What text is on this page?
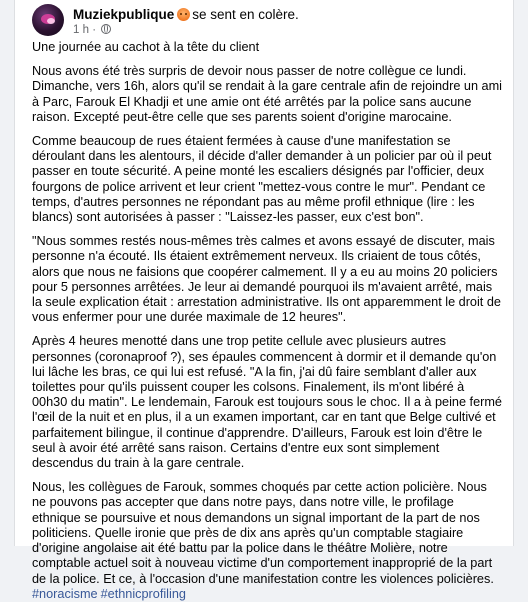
Muziekpublique se sent en colère.
1 h ·

Une journée au cachot à la tête du client

Nous avons été très surpris de devoir nous passer de notre collègue ce lundi. Dimanche, vers 16h, alors qu'il se rendait à la gare centrale afin de rejoindre un ami à Parc, Farouk El Khadji et une amie ont été arrêtés par la police sans aucune raison. Excepté peut-être celle que ses parents soient d'origine marocaine.

Comme beaucoup de rues étaient fermées à cause d'une manifestation se déroulant dans les alentours, il décide d'aller demander à un policier par où il peut passer en toute sécurité. A peine monté les escaliers désignés par l'officier, deux fourgons de police arrivent et leur crient "mettez-vous contre le mur". Pendant ce temps, d'autres personnes ne répondant pas au même profil ethnique (lire : les blancs) sont autorisées à passer : "Laissez-les passer, eux c'est bon".

"Nous sommes restés nous-mêmes très calmes et avons essayé de discuter, mais personne n'a écouté. Ils étaient extrêmement nerveux. Ils criaient de tous côtés, alors que nous ne faisions que coopérer calmement. Il y a eu au moins 20 policiers pour 5 personnes arrêtées. Je leur ai demandé pourquoi ils m'avaient arrêté, mais la seule explication était : arrestation administrative. Ils ont apparemment le droit de vous enfermer pour une durée maximale de 12 heures".

Après 4 heures menotté dans une trop petite cellule avec plusieurs autres personnes (coronaproof ?), ses épaules commencent à dormir et il demande qu'on lui lâche les bras, ce qui lui est refusé. "A la fin, j'ai dû faire semblant d'aller aux toilettes pour qu'ils puissent couper les colsons. Finalement, ils m'ont libéré à 00h30 du matin". Le lendemain, Farouk est toujours sous le choc. Il a à peine fermé l'œil de la nuit et en plus, il a un examen important, car en tant que Belge cultivé et parfaitement bilingue, il continue d'apprendre. D'ailleurs, Farouk est loin d'être le seul à avoir été arrêté sans raison. Certains d'entre eux sont simplement descendus du train à la gare centrale.

Nous, les collègues de Farouk, sommes choqués par cette action policière. Nous ne pouvons pas accepter que dans notre pays, dans notre ville, le profilage ethnique se poursuive et nous demandons un signal important de la part de nos politiciens. Quelle ironie que près de dix ans après qu'un comptable stagiaire d'origine angolaise ait été battu par la police dans le théâtre Molière, notre comptable actuel soit à nouveau victime d'un comportement inapproprié de la part de la police. Et ce, à l'occasion d'une manifestation contre les violences policières.

#noracisme #ethnicprofiling
